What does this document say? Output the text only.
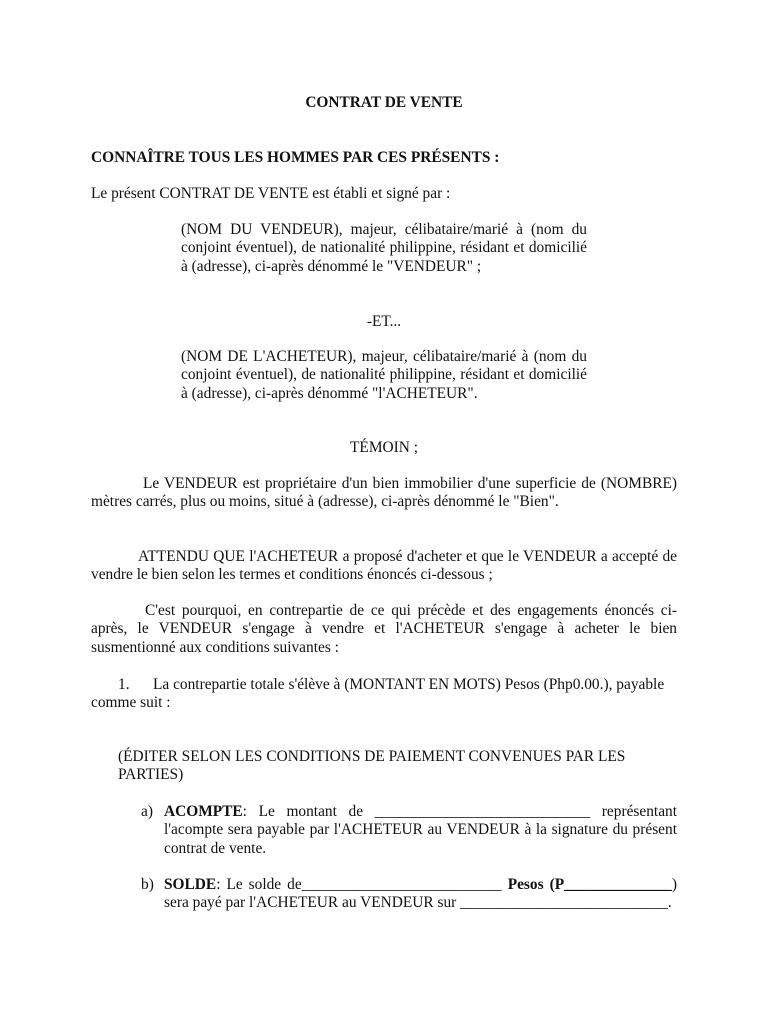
CONTRAT DE VENTE
CONNAÎTRE TOUS LES HOMMES PAR CES PRÉSENTS :
Le présent CONTRAT DE VENTE est établi et signé par :
(NOM DU VENDEUR), majeur, célibataire/marié à (nom du conjoint éventuel), de nationalité philippine, résidant et domicilié à (adresse), ci-après dénommé le "VENDEUR" ;
-ET...
(NOM DE L'ACHETEUR), majeur, célibataire/marié à (nom du conjoint éventuel), de nationalité philippine, résidant et domicilié à (adresse), ci-après dénommé "l'ACHETEUR".
TÉMOIN ;
Le VENDEUR est propriétaire d'un bien immobilier d'une superficie de (NOMBRE) mètres carrés, plus ou moins, situé à (adresse), ci-après dénommé le "Bien".
ATTENDU QUE l'ACHETEUR a proposé d'acheter et que le VENDEUR a accepté de vendre le bien selon les termes et conditions énoncés ci-dessous ;
C'est pourquoi, en contrepartie de ce qui précède et des engagements énoncés ci-après, le VENDEUR s'engage à vendre et l'ACHETEUR s'engage à acheter le bien susmentionné aux conditions suivantes :
1. La contrepartie totale s'élève à (MONTANT EN MOTS) Pesos (Php0.00.), payable comme suit :
(ÉDITER SELON LES CONDITIONS DE PAIEMENT CONVENUES PAR LES PARTIES)
a) ACOMPTE: Le montant de ____________________________ représentant l'acompte sera payable par l'ACHETEUR au VENDEUR à la signature du présent contrat de vente.
b) SOLDE: Le solde de__________________________ Pesos (P______________) sera payé par l'ACHETEUR au VENDEUR sur ___________________________.
